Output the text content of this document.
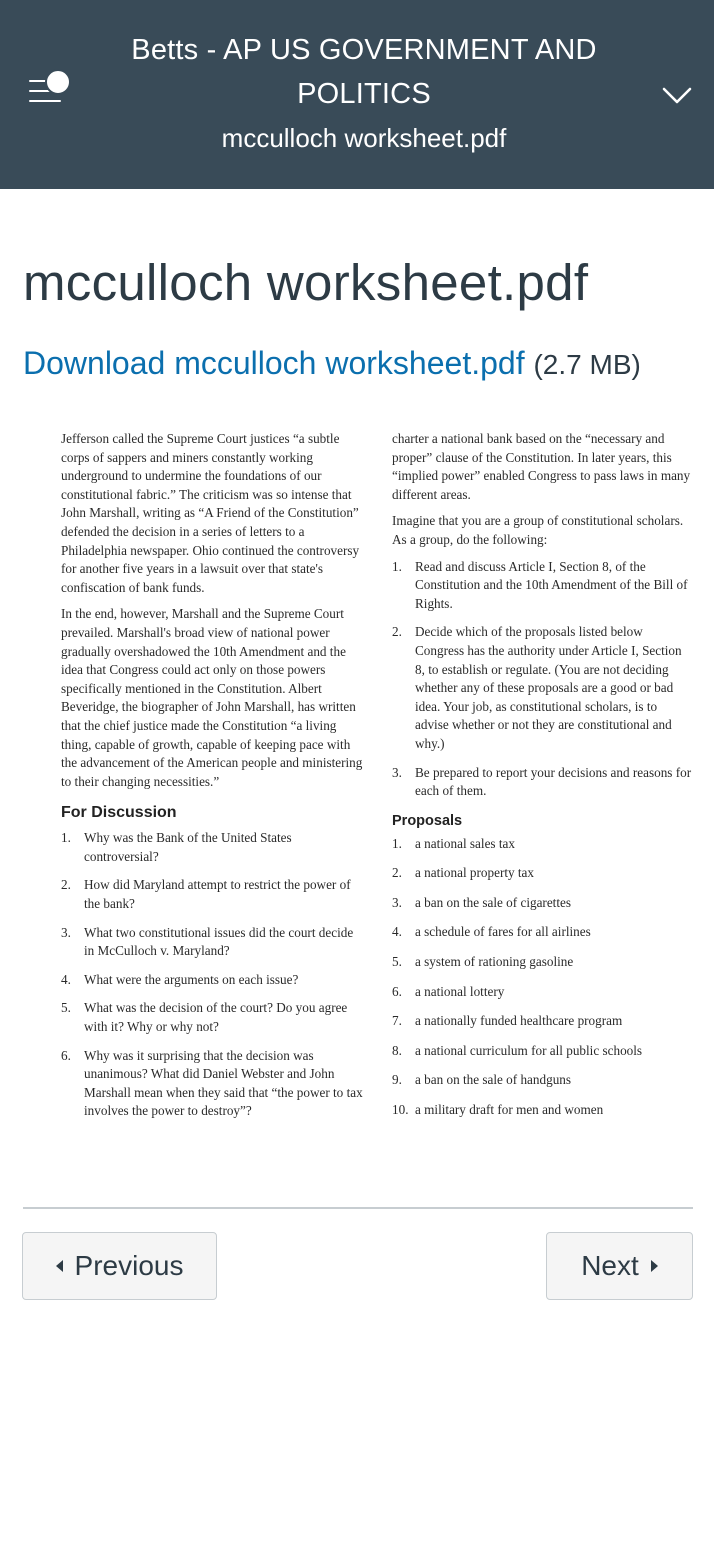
Betts - AP US GOVERNMENT AND POLITICS
mcculloch worksheet.pdf
mcculloch worksheet.pdf
Download mcculloch worksheet.pdf (2.7 MB)

Jefferson called the Supreme Court justices “a subtle corps of sappers and miners constantly working underground to undermine the foundations of our constitutional fabric.” The criticism was so intense that John Marshall, writing as “A Friend of the Constitution” defended the decision in a series of letters to a Philadelphia newspaper. Ohio continued the controversy for another five years in a lawsuit over that state's confiscation of bank funds.

In the end, however, Marshall and the Supreme Court prevailed. Marshall's broad view of national power gradually overshadowed the 10th Amendment and the idea that Congress could act only on those powers specifically mentioned in the Constitution. Albert Beveridge, the biographer of John Marshall, has written that the chief justice made the Constitution “a living thing, capable of growth, capable of keeping pace with the advancement of the American people and ministering to their changing necessities.”

For Discussion
1. Why was the Bank of the United States controversial?
2. How did Maryland attempt to restrict the power of the bank?
3. What two constitutional issues did the court decide in McCulloch v. Maryland?
4. What were the arguments on each issue?
5. What was the decision of the court? Do you agree with it? Why or why not?
6. Why was it surprising that the decision was unanimous? What did Daniel Webster and John Marshall mean when they said that “the power to tax involves the power to destroy”?

charter a national bank based on the “necessary and proper” clause of the Constitution. In later years, this “implied power” enabled Congress to pass laws in many different areas.

Imagine that you are a group of constitutional scholars. As a group, do the following:

1. Read and discuss Article I, Section 8, of the Constitution and the 10th Amendment of the Bill of Rights.
2. Decide which of the proposals listed below Congress has the authority under Article I, Section 8, to establish or regulate. (You are not deciding whether any of these proposals are a good or bad idea. Your job, as constitutional scholars, is to advise whether or not they are constitutional and why.)
3. Be prepared to report your decisions and reasons for each of them.
Proposals
1. a national sales tax
2. a national property tax
3. a ban on the sale of cigarettes
4. a schedule of fares for all airlines
5. a system of rationing gasoline
6. a national lottery
7. a nationally funded healthcare program
8. a national curriculum for all public schools
9. a ban on the sale of handguns
10. a military draft for men and women
Previous	Next
